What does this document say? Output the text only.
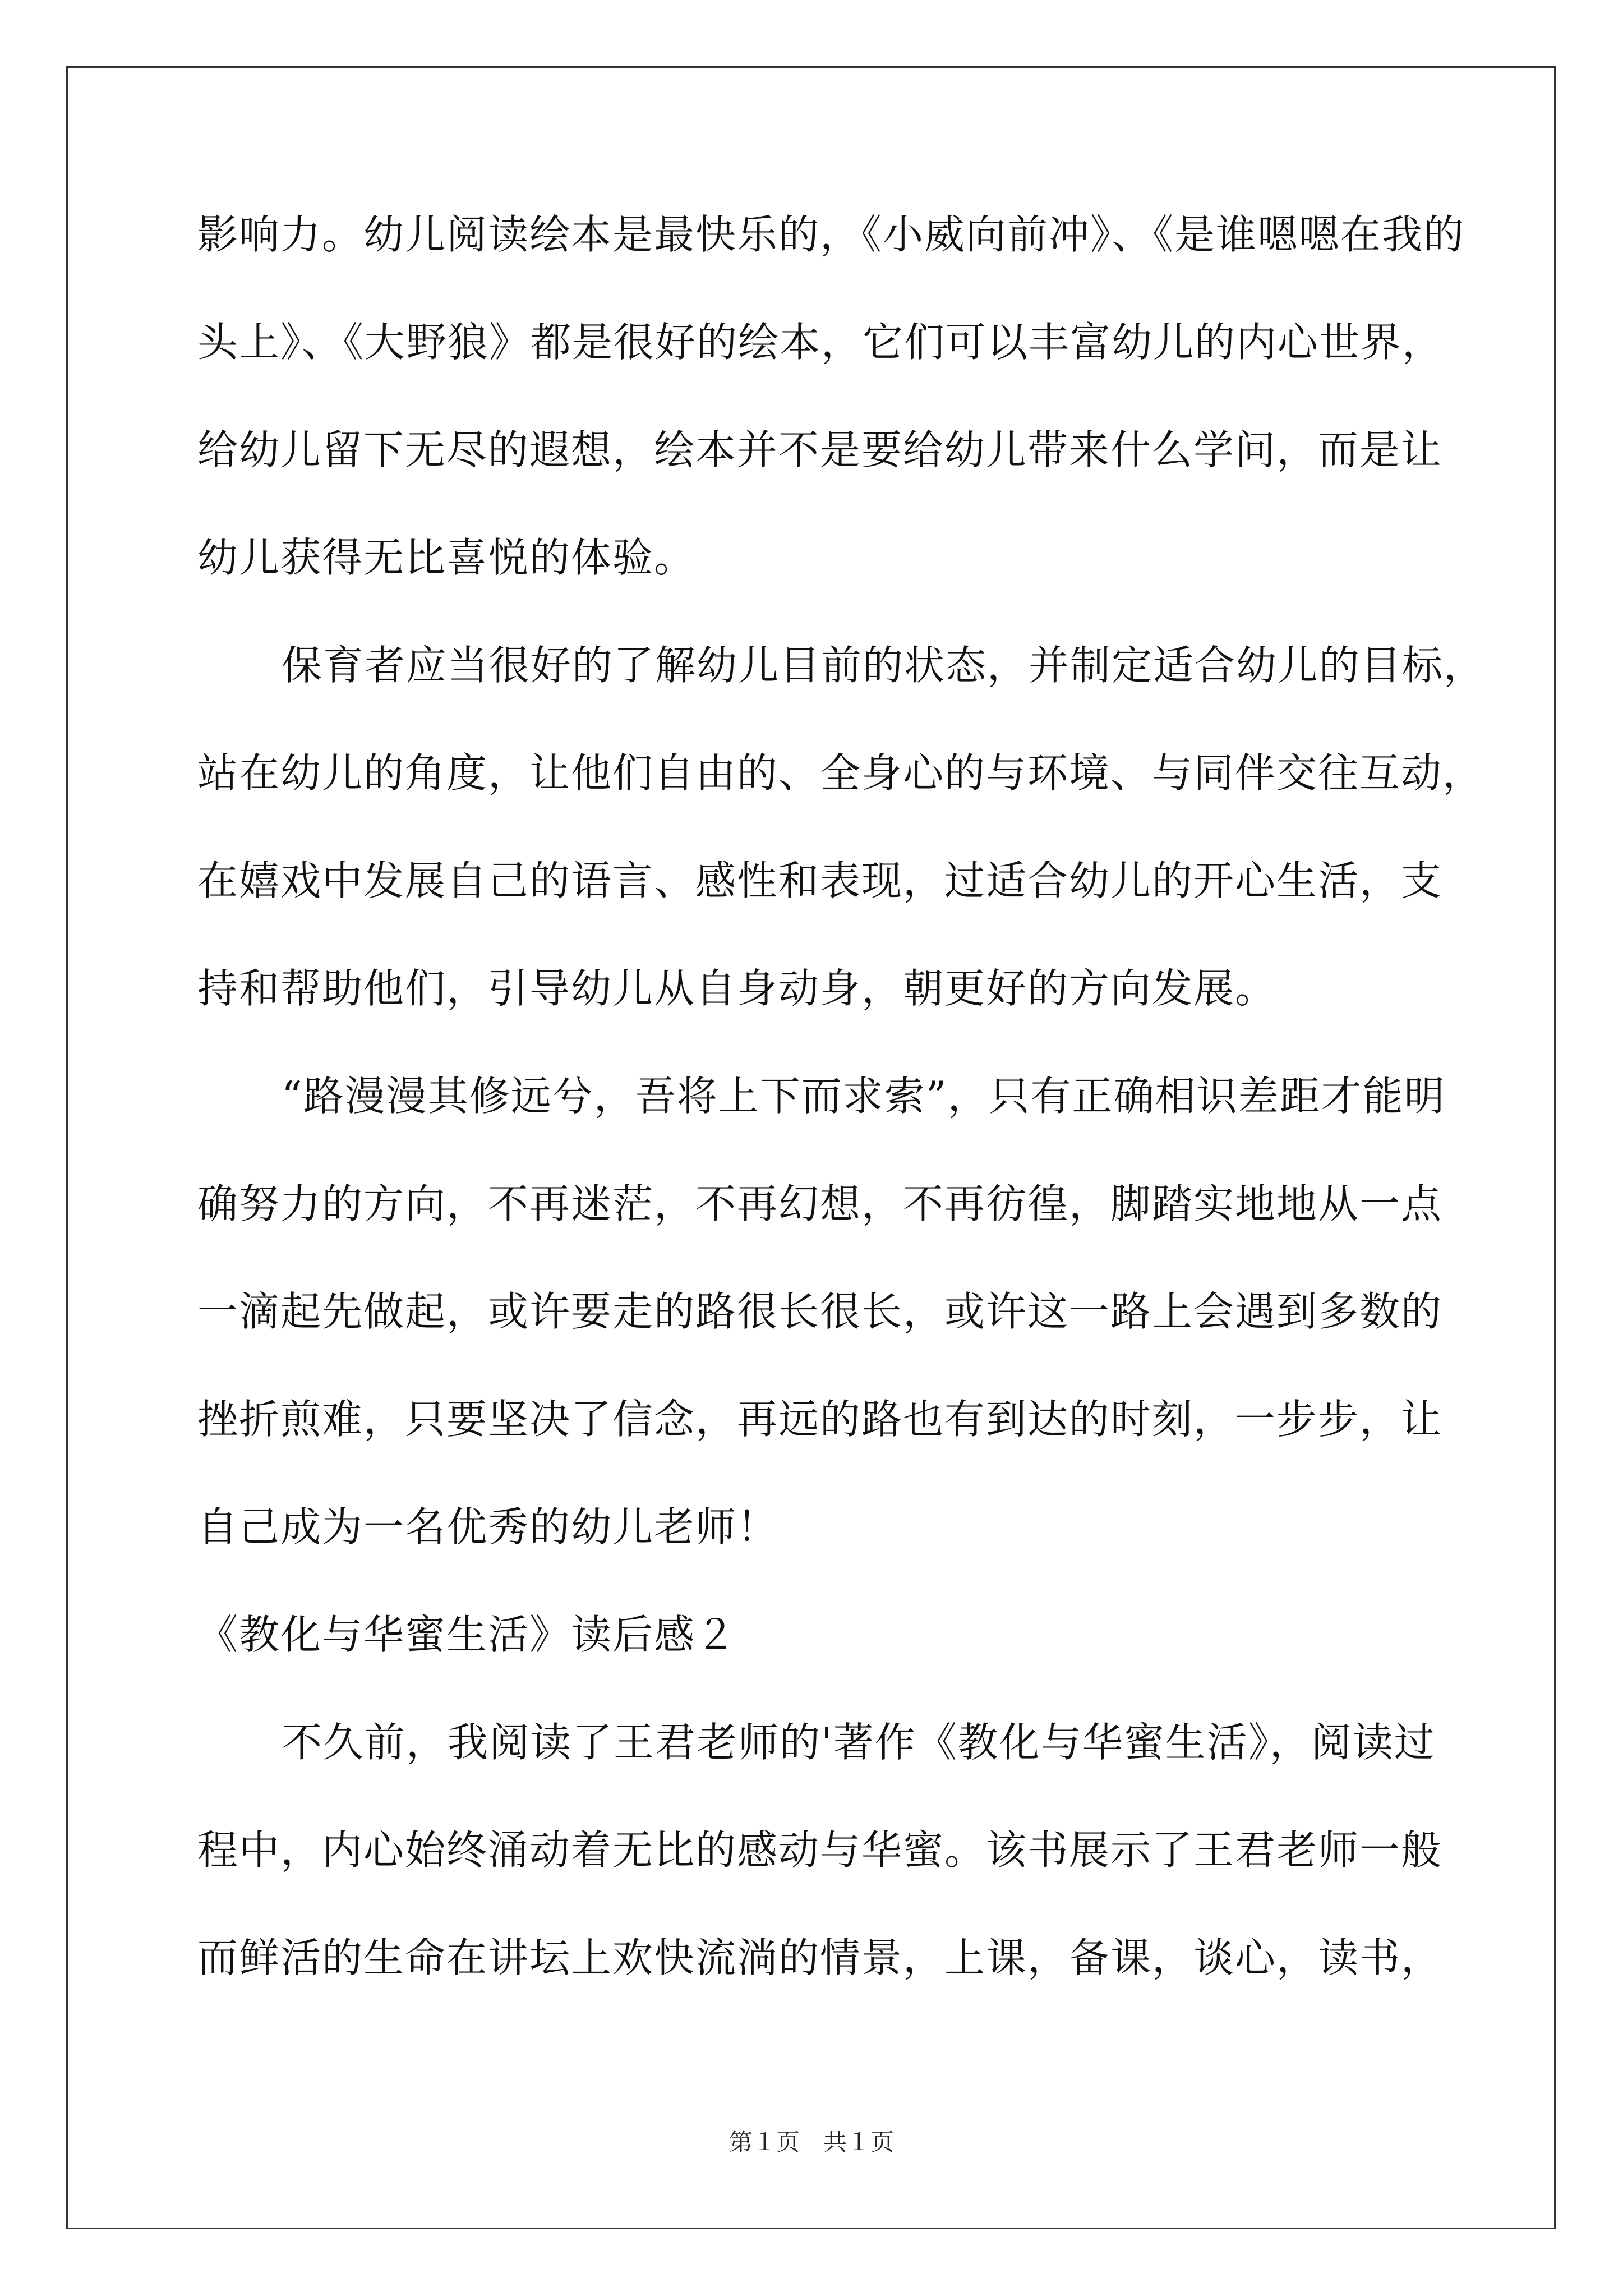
影响力。幼儿阅读绘本是最快乐的，《小威向前冲》、《是谁嗯嗯在我的
头上》、《大野狼》都是很好的绘本，它们可以丰富幼儿的内心世界，
给幼儿留下无尽的遐想，绘本并不是要给幼儿带来什么学问，而是让
幼儿获得无比喜悦的体验。
保育者应当很好的了解幼儿目前的状态，并制定适合幼儿的目标，
站在幼儿的角度，让他们自由的、全身心的与环境、与同伴交往互动，
在嬉戏中发展自己的语言、感性和表现，过适合幼儿的开心生活，支
持和帮助他们，引导幼儿从自身动身，朝更好的方向发展。
“路漫漫其修远兮，吾将上下而求索”，只有正确相识差距才能明
确努力的方向，不再迷茫，不再幻想，不再彷徨，脚踏实地地从一点
一滴起先做起，或许要走的路很长很长，或许这一路上会遇到多数的
挫折煎难，只要坚决了信念，再远的路也有到达的时刻，一步步，让
自己成为一名优秀的幼儿老师！
《教化与华蜜生活》读后感２
不久前，我阅读了王君老师的'著作《教化与华蜜生活》，阅读过
程中，内心始终涌动着无比的感动与华蜜。该书展示了王君老师一般
而鲜活的生命在讲坛上欢快流淌的情景，上课，备课，谈心，读书，
第１页　共１页
